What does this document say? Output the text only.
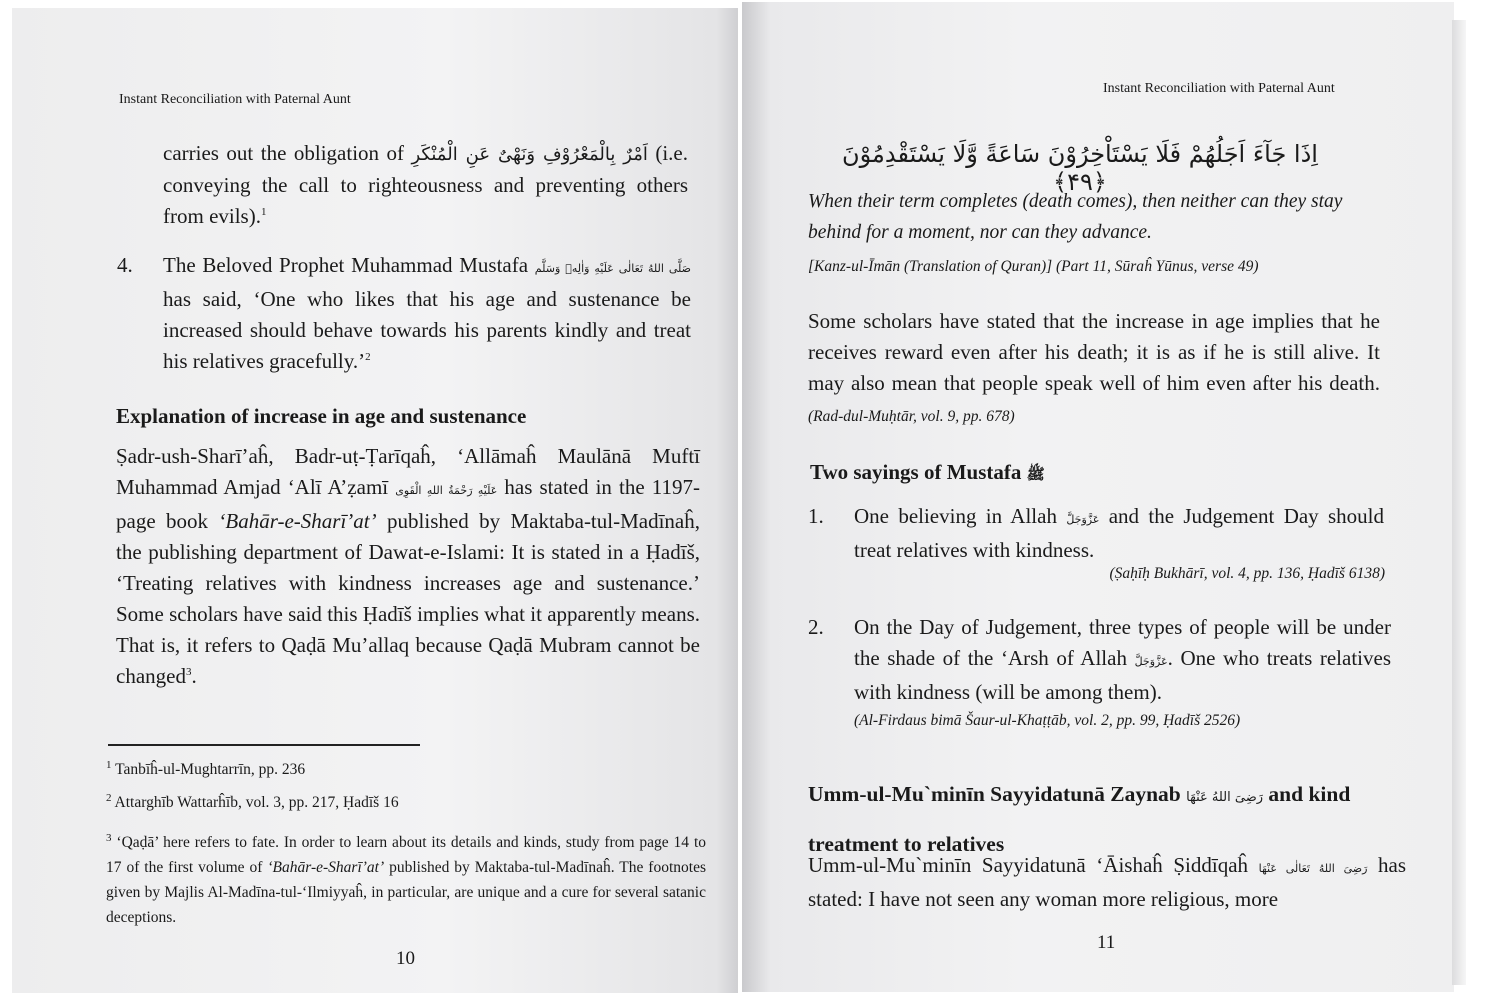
Instant Reconciliation with Paternal Aunt
carries out the obligation of اَمْرٌ بِالْمَعْرُوْفِ وَنَهْیٌ عَنِ الْمُنْكَرِ (i.e. conveying the call to righteousness and preventing others from evils).$^1$
4. The Beloved Prophet Muhammad Mustafa صَلَّى اللهُ تَعَالٰى عَلَيْهِ وَاٰلِهٖ وَسَلَّم has said, ‘One who likes that his age and sustenance be increased should behave towards his parents kindly and treat his relatives gracefully.’$^2$
Explanation of increase in age and sustenance
Ṣadr-ush-Sharī’aĥ, Badr-uṭ-Ṭarīqaĥ, ‘Allāmaĥ Maulānā Muftī Muhammad Amjad ‘Alī A’ẓamī عَلَيْهِ رَحْمَةُ اللهِ الْقَوِى has stated in the 1197-page book ‘Bahār-e-Sharī’at’ published by Maktaba-tul-Madīnaĥ, the publishing department of Dawat-e-Islami: It is stated in a Ḥadīš, ‘Treating relatives with kindness increases age and sustenance.’ Some scholars have said this Ḥadīš implies what it apparently means. That is, it refers to Qaḍā Mu’allaq because Qaḍā Mubram cannot be changed$^3$.
$^1$ Tanbīĥ-ul-Mughtarrīn, pp. 236
$^2$ Attarghīb Wattarĥīb, vol. 3, pp. 217, Ḥadīš 16
$^3$ ‘Qaḍā’ here refers to fate. In order to learn about its details and kinds, study from page 14 to 17 of the first volume of ‘Bahār-e-Sharī’at’ published by Maktaba-tul-Madīnaĥ. The footnotes given by Majlis Al-Madīna-tul-‘Ilmiyyaĥ, in particular, are unique and a cure for several satanic deceptions.
10
Instant Reconciliation with Paternal Aunt
اِذَا جَآءَ اَجَلُهُمْ فَلَا یَسْتَاْخِرُوْنَ سَاعَةً وَّلَا یَسْتَقْدِمُوْنَ ﴿۴۹﴾
When their term completes (death comes), then neither can they stay behind for a moment, nor can they advance.
[Kanz-ul-Īmān (Translation of Quran)] (Part 11, Sūraĥ Yūnus, verse 49)
Some scholars have stated that the increase in age implies that he receives reward even after his death; it is as if he is still alive. It may also mean that people speak well of him even after his death. (Rad-dul-Muḥtār, vol. 9, pp. 678)
Two sayings of Mustafa ﷺ
1. One believing in Allah عَزَّوَجَلَّ and the Judgement Day should treat relatives with kindness.
(Ṣaḥīḥ Bukhārī, vol. 4, pp. 136, Ḥadīš 6138)
2. On the Day of Judgement, three types of people will be under the shade of the ‘Arsh of Allah عَزَّوَجَلَّ. One who treats relatives with kindness (will be among them).
(Al-Firdaus bimā Šaur-ul-Khaṭṭāb, vol. 2, pp. 99, Ḥadīš 2526)
Umm-ul-Mu`minīn Sayyidatunā Zaynab رَضِیَ اللهُ عَنْهَا and kind treatment to relatives
Umm-ul-Mu`minīn Sayyidatunā ‘Āishaĥ Ṣiddīqaĥ رَضِیَ اللهُ تَعَالٰی عَنْهَا has stated: I have not seen any woman more religious, more
11
